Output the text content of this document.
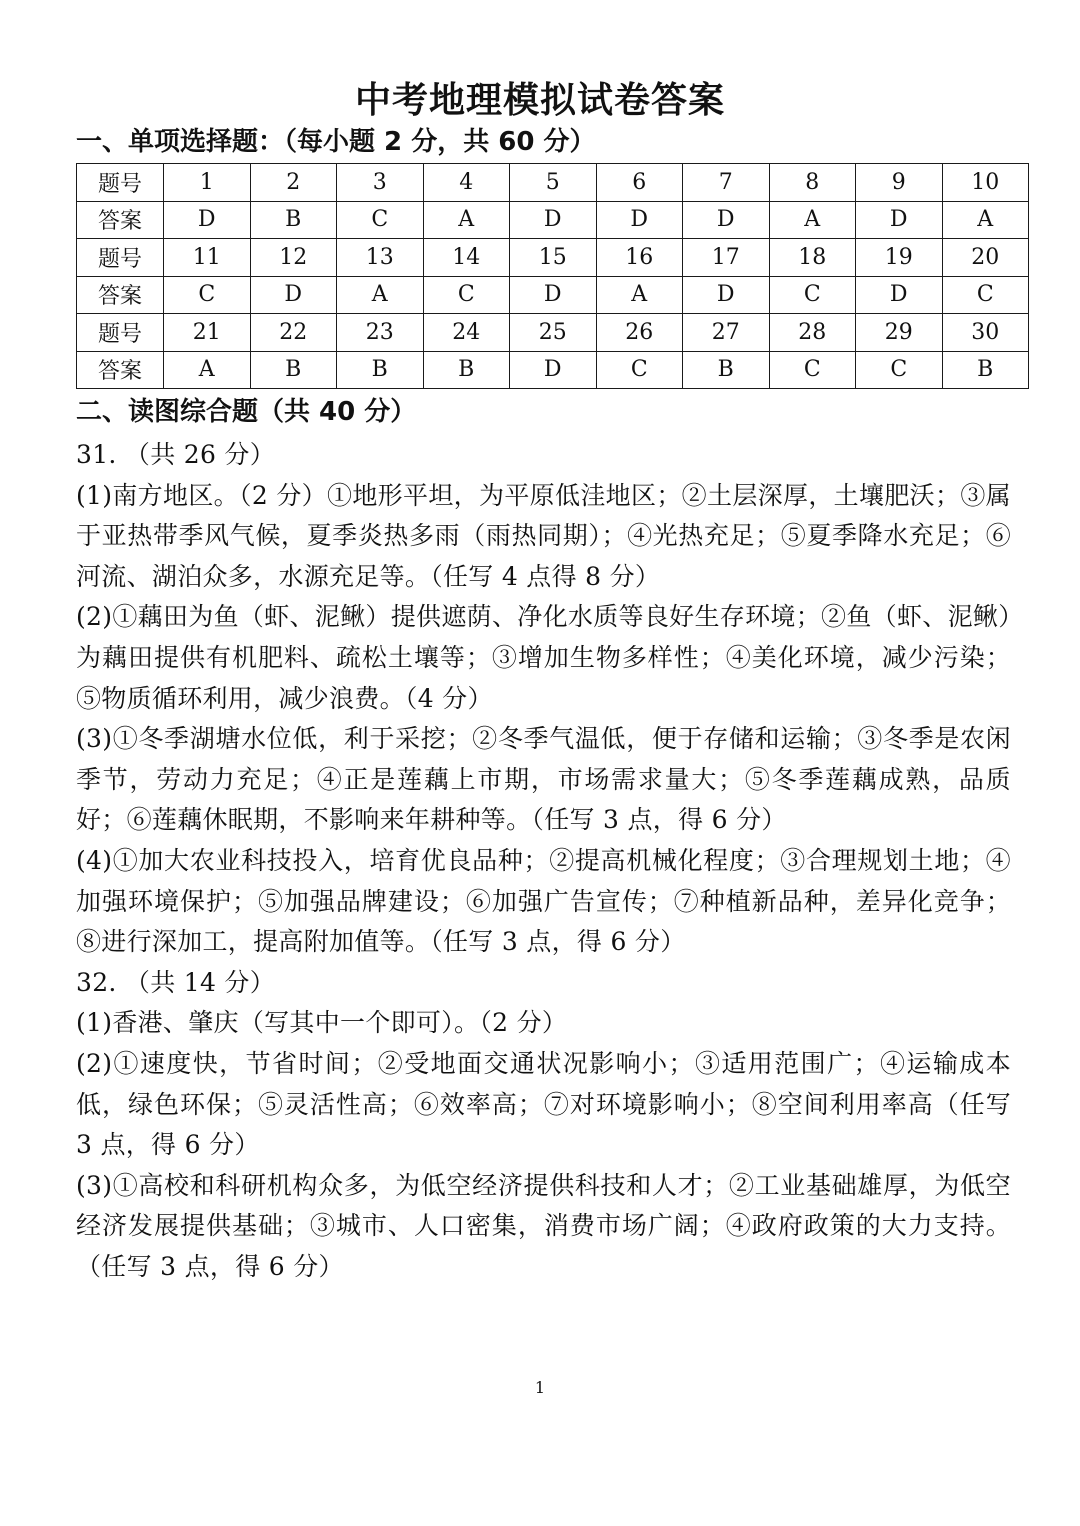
中考地理模拟试卷答案
一、单项选择题：（每小题 2 分，共 60 分）
题号	1	2	3	4	5	6	7	8	9	10
答案	D	B	C	A	D	D	D	A	D	A
题号	11	12	13	14	15	16	17	18	19	20
答案	C	D	A	C	D	A	D	C	D	C
题号	21	22	23	24	25	26	27	28	29	30
答案	A	B	B	B	D	C	B	C	C	B
二、读图综合题（共 40 分）

31. （共 26 分）

(1)南方地区。（2 分）①地形平坦，为平原低洼地区；②土层深厚，土壤肥沃；③属于亚热带季风气候，夏季炎热多雨（雨热同期）；④光热充足；⑤夏季降水充足；⑥河流、湖泊众多，水源充足等。（任写 4 点得 8 分）

(2)①藕田为鱼（虾、泥鳅）提供遮荫、净化水质等良好生存环境；②鱼（虾、泥鳅）为藕田提供有机肥料、疏松土壤等；③增加生物多样性；④美化环境，减少污染；⑤物质循环利用，减少浪费。（4 分）

(3)①冬季湖塘水位低，利于采挖；②冬季气温低，便于存储和运输；③冬季是农闲季节，劳动力充足；④正是莲藕上市期，市场需求量大；⑤冬季莲藕成熟，品质好；⑥莲藕休眠期，不影响来年耕种等。（任写 3 点，得 6 分）

(4)①加大农业科技投入，培育优良品种；②提高机械化程度；③合理规划土地；④加强环境保护；⑤加强品牌建设；⑥加强广告宣传；⑦种植新品种，差异化竞争；⑧进行深加工，提高附加值等。（任写 3 点，得 6 分）

32. （共 14 分）

(1)香港、肇庆（写其中一个即可）。（2 分）

(2)①速度快，节省时间；②受地面交通状况影响小；③适用范围广；④运输成本低，绿色环保；⑤灵活性高；⑥效率高；⑦对环境影响小；⑧空间利用率高（任写 3 点，得 6 分）

(3)①高校和科研机构众多，为低空经济提供科技和人才；②工业基础雄厚，为低空经济发展提供基础；③城市、人口密集，消费市场广阔；④政府政策的大力支持。（任写 3 点，得 6 分）

1
